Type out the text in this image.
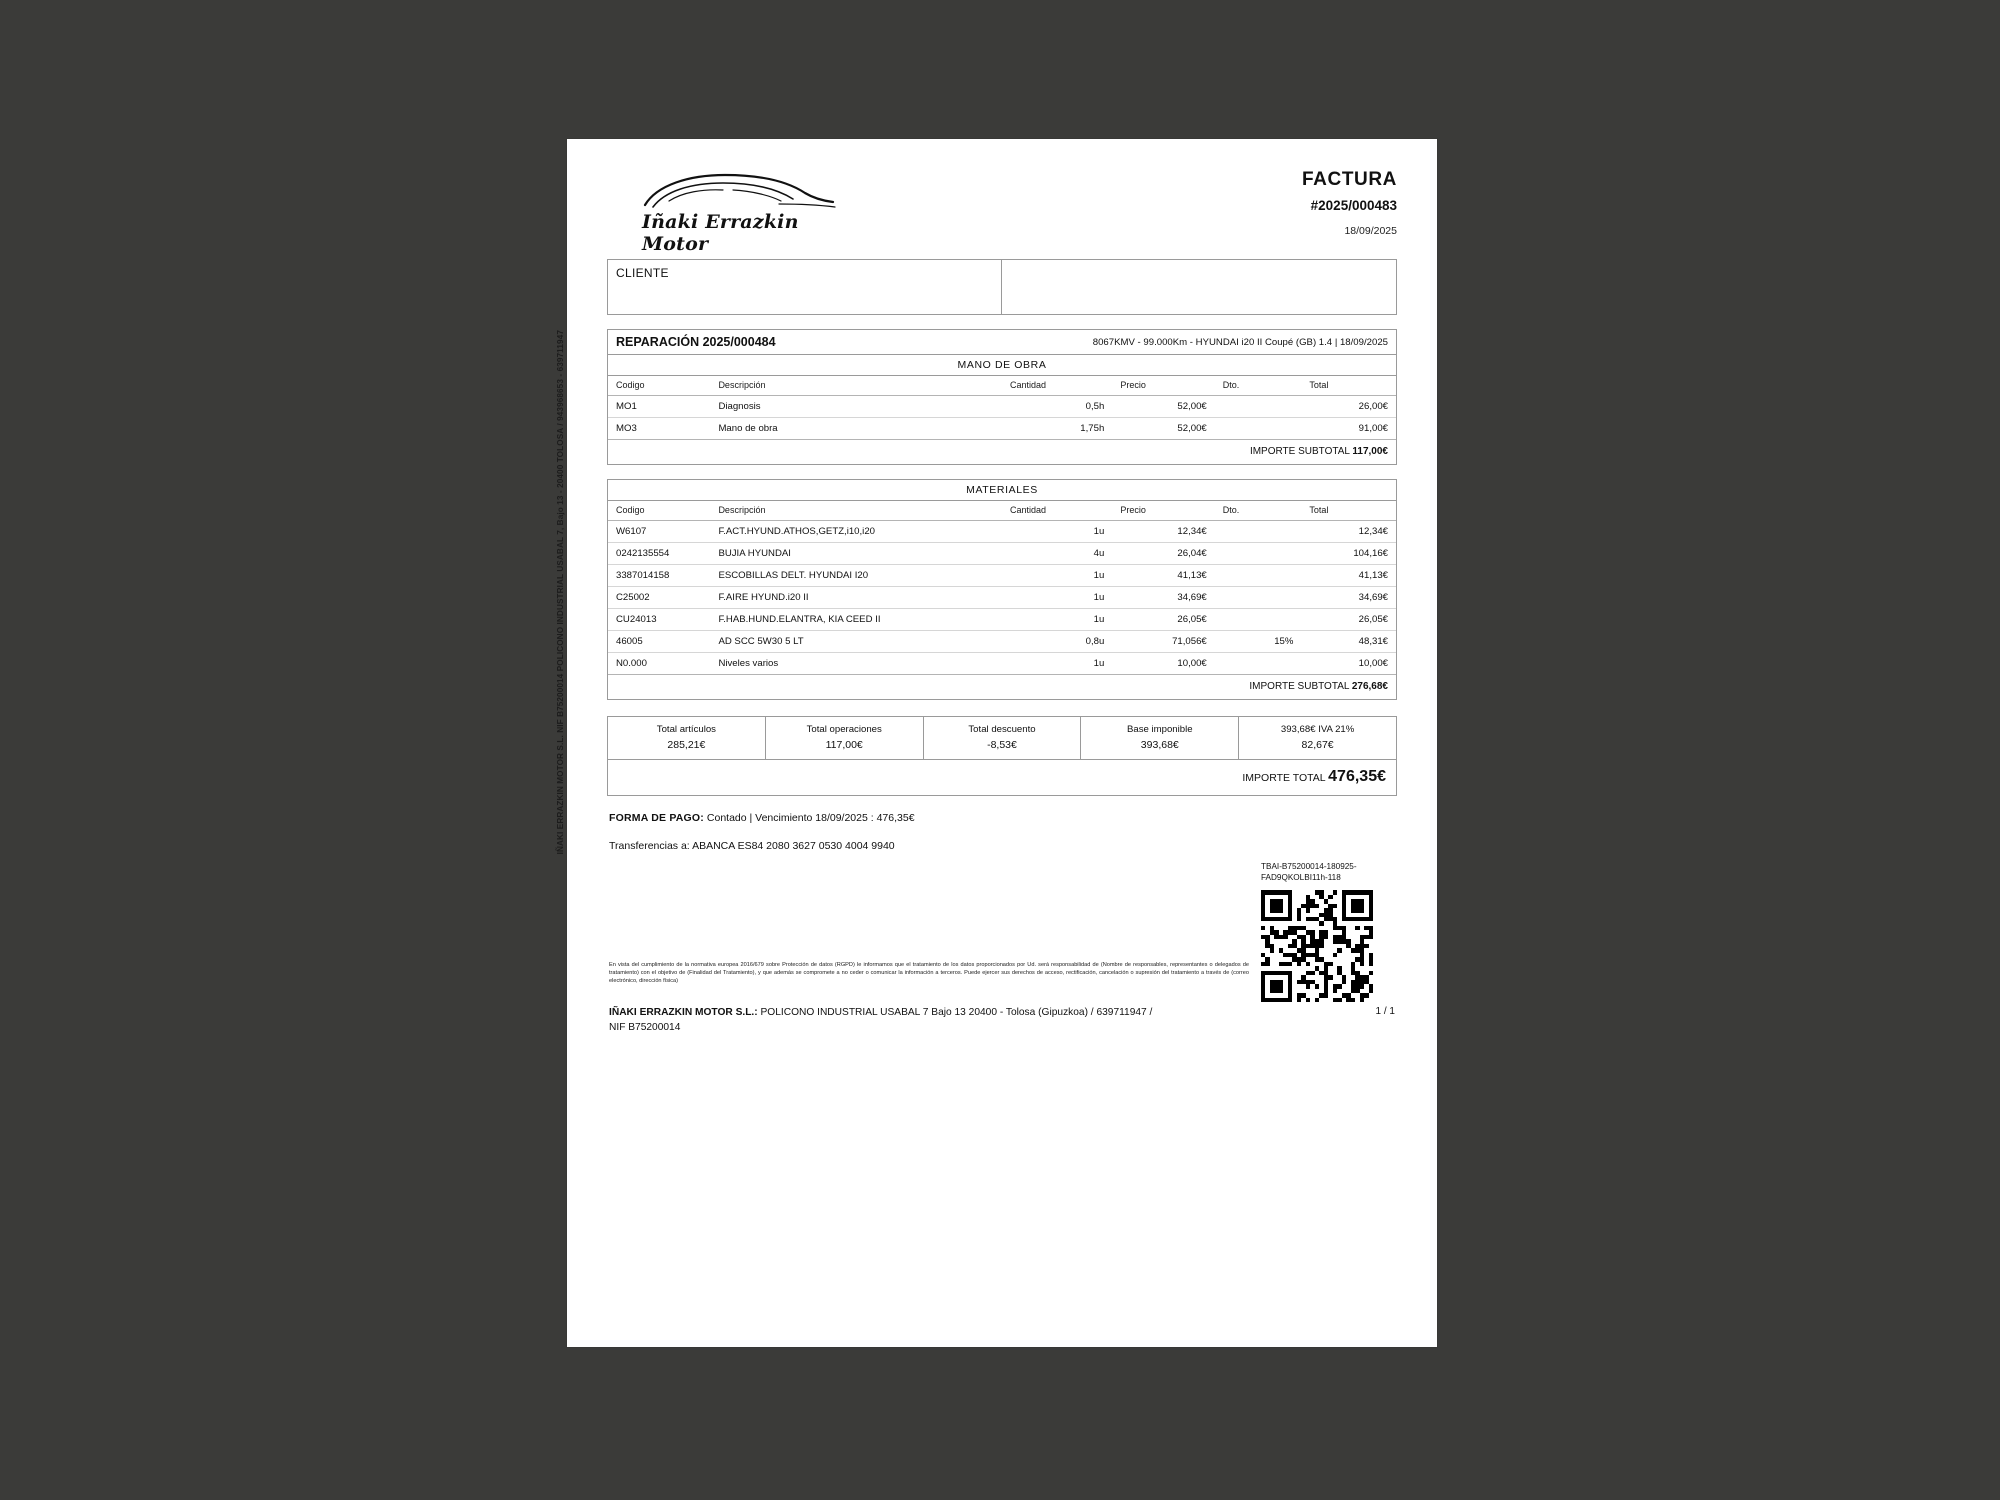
IÑAKI ERRAZKIN MOTOR S.L. NIF B75200014 POLICONO INDUSTRIAL USABAL 7, Bajo 13 - 20400 TOLOSA / 943968653 - 639711947
Iñaki Errazkin Motor
FACTURA
#2025/000483
18/09/2025
CLIENTE
REPARACIÓN 2025/000484	8067KMV - 99.000Km - HYUNDAI i20 II Coupé (GB) 1.4 | 18/09/2025
MANO DE OBRA
Codigo	Descripción	Cantidad	Precio	Dto.	Total
MO1	Diagnosis	0,5h	52,00€		26,00€
MO3	Mano de obra	1,75h	52,00€		91,00€
IMPORTE SUBTOTAL 117,00€
MATERIALES
Codigo	Descripción	Cantidad	Precio	Dto.	Total
W6107	F.ACT.HYUND.ATHOS,GETZ,i10,i20	1u	12,34€		12,34€
0242135554	BUJIA HYUNDAI	4u	26,04€		104,16€
3387014158	ESCOBILLAS DELT. HYUNDAI I20	1u	41,13€		41,13€
C25002	F.AIRE HYUND.i20 II	1u	34,69€		34,69€
CU24013	F.HAB.HUND.ELANTRA, KIA CEED II	1u	26,05€		26,05€
46005	AD SCC 5W30 5 LT	0,8u	71,056€	15%	48,31€
N0.000	Niveles varios	1u	10,00€		10,00€
IMPORTE SUBTOTAL 276,68€
Total artículos
285,21€
Total operaciones
117,00€
Total descuento
-8,53€
Base imponible
393,68€
393,68€ IVA 21%
82,67€
IMPORTE TOTAL 476,35€
FORMA DE PAGO: Contado | Vencimiento 18/09/2025 : 476,35€
Transferencias a: ABANCA ES84 2080 3627 0530 4004 9940
TBAI-B75200014-180925-
FAD9QKOLBI11h-118
En vista del cumplimiento de la normativa europea 2016/679 sobre Protección de datos (RGPD) le informamos que el tratamiento de los datos proporcionados por Ud. será responsabilidad de (Nombre de responsables, representantes o delegados de tratamiento) con el objetivo de (Finalidad del Tratamiento), y que además se compromete a no ceder o comunicar la información a terceros. Puede ejercer sus derechos de acceso, rectificación, cancelación o supresión del tratamiento a través de (correo electrónico, dirección física)
IÑAKI ERRAZKIN MOTOR S.L.: POLICONO INDUSTRIAL USABAL 7 Bajo 13 20400 - Tolosa (Gipuzkoa) / 639711947 /
NIF B75200014
1 / 1
